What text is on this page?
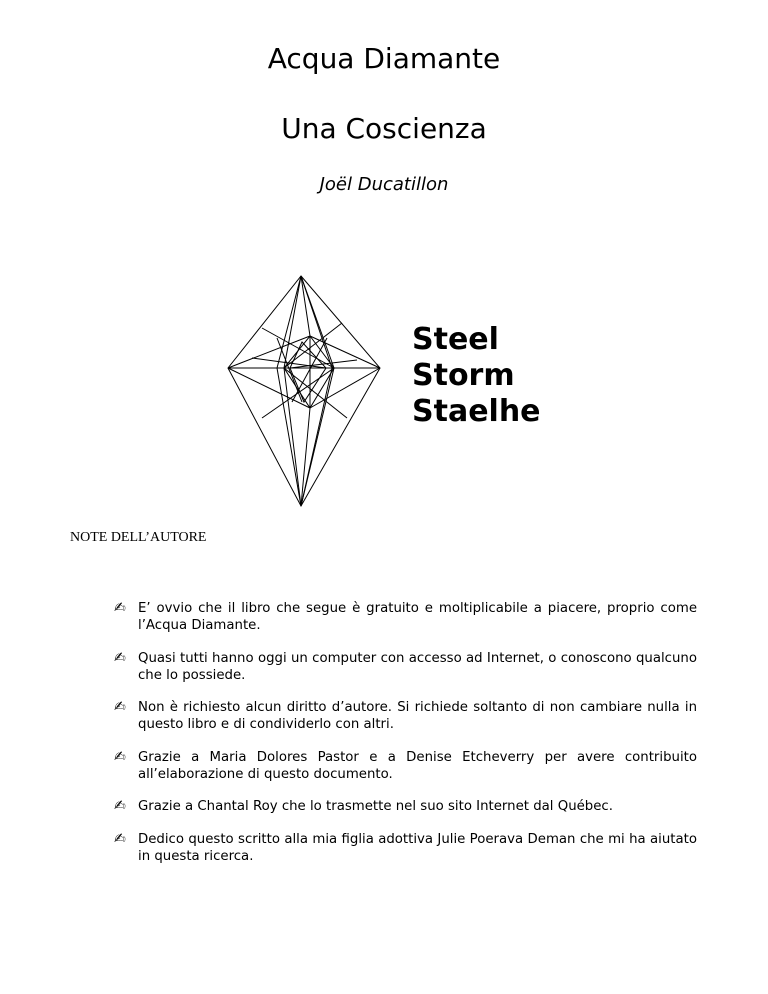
Acqua Diamante
Una Coscienza
Joël Ducatillon
Steel
Storm
Staelhe
NOTE DELL’AUTORE
✍ E’ ovvio che il libro che segue è gratuito e moltiplicabile a piacere, proprio come l’Acqua Diamante.
✍ Quasi tutti hanno oggi un computer con accesso ad Internet, o conoscono qualcuno che lo possiede.
✍ Non è richiesto alcun diritto d’autore. Si richiede soltanto di non cambiare nulla in questo libro e di condividerlo con altri.
✍ Grazie a Maria Dolores Pastor e a Denise Etcheverry per avere contribuito all’elaborazione di questo documento.
✍ Grazie a Chantal Roy che lo trasmette nel suo sito Internet dal Québec.
✍ Dedico questo scritto alla mia figlia adottiva Julie Poerava Deman che mi ha aiutato in questa ricerca.
